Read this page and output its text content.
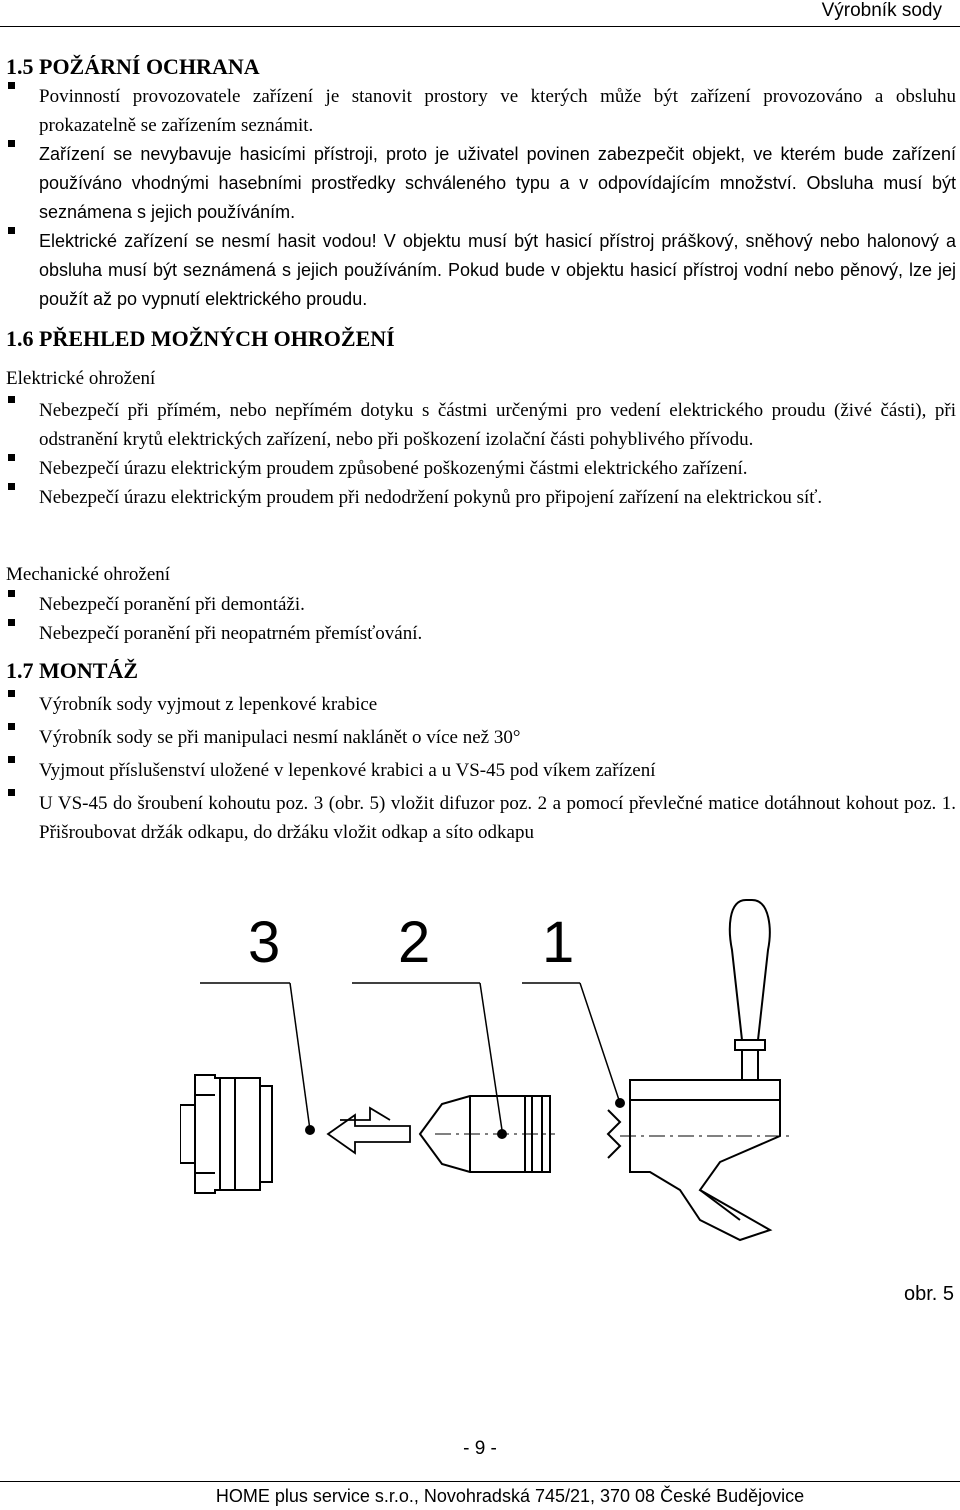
Výrobník sody
1.5 POŽÁRNÍ OCHRANA
Povinností provozovatele zařízení je stanovit prostory ve kterých může být zařízení provozováno a obsluhu prokazatelně se zařízením seznámit.
Zařízení se nevybavuje hasicími přístroji, proto je uživatel povinen zabezpečit objekt, ve kterém bude zařízení používáno vhodnými hasebními prostředky schváleného typu a v odpovídajícím množství. Obsluha musí být seznámena s jejich používáním.
Elektrické zařízení se nesmí hasit vodou! V objektu musí být hasicí přístroj práškový, sněhový nebo halonový a obsluha musí být seznámená s jejich používáním. Pokud bude v objektu hasicí přístroj vodní nebo pěnový, lze jej použít až po vypnutí elektrického proudu.
1.6 PŘEHLED MOŽNÝCH OHROŽENÍ
Elektrické ohrožení
Nebezpečí při přímém, nebo nepřímém dotyku s částmi určenými pro vedení elektrického proudu (živé části), při odstranění krytů elektrických zařízení, nebo při poškození izolační části pohyblivého přívodu.
Nebezpečí úrazu elektrickým proudem způsobené poškozenými částmi elektrického zařízení.
Nebezpečí úrazu elektrickým proudem při nedodržení pokynů pro připojení zařízení na elektrickou síť.
Mechanické ohrožení
Nebezpečí poranění při demontáži.
Nebezpečí poranění při neopatrném přemísťování.
1.7 MONTÁŽ
Výrobník sody vyjmout z lepenkové krabice
Výrobník sody se při manipulaci nesmí naklánět o více než 30°
Vyjmout příslušenství uložené v lepenkové krabici a u VS-45 pod víkem zařízení
U VS-45 do šroubení kohoutu poz. 3 (obr. 5) vložit difuzor poz. 2 a pomocí převlečné matice dotáhnout kohout poz. 1. Přišroubovat držák odkapu, do držáku vložit odkap a síto odkapu
3 2 1
obr. 5
- 9 -
HOME plus service s.r.o., Novohradská 745/21, 370 08 České Budějovice
